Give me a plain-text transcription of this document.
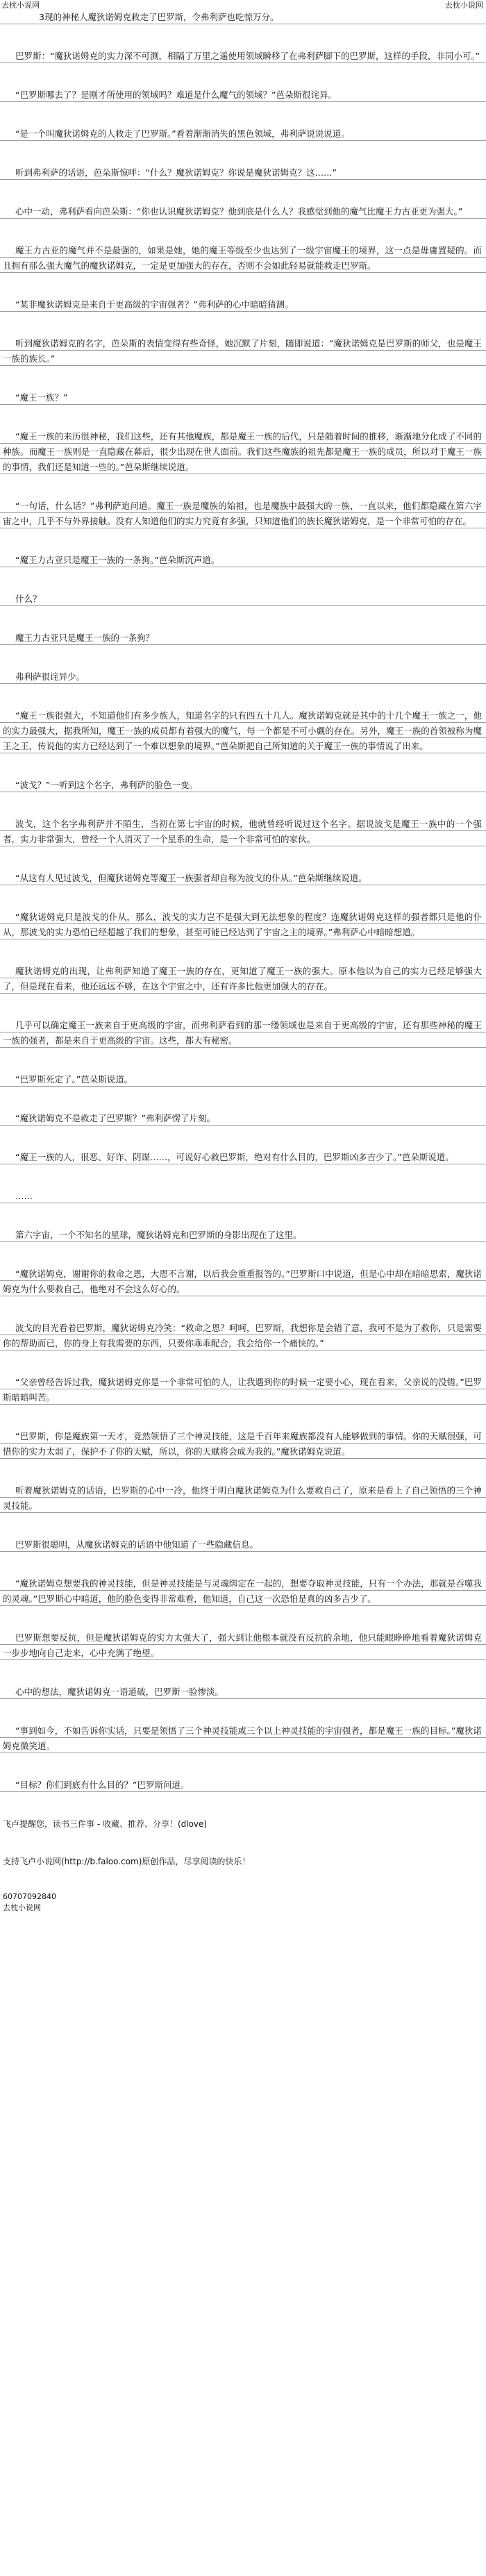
去枕小说网	去枕小说网
3现的神秘人魔狄诺姆克救走了巴罗斯，令弗利萨也吃惊万分。
巴罗斯：“魔狄诺姆克的实力深不可测，相隔了万里之遥使用领域瞬移了在弗利萨脚下的巴罗斯，这样的手段，非同小可。”
“巴罗斯哪去了？是刚才所使用的领域吗？难道是什么魔气的领域？”芭朵斯很诧异。
“是一个叫魔狄诺姆克的人救走了巴罗斯。”看着渐渐消失的黑色领域，弗利萨说说说道。
听到弗利萨的话语，芭朵斯惊呼：“什么？魔狄诺姆克？你说是魔狄诺姆克？这……”
心中一动，弗利萨看向芭朵斯：“你也认识魔狄诺姆克？他到底是什么人？我感觉到他的魔气比魔王力古亚更为强大。”
魔王力古亚的魔气并不是最强的，如果是她，她的魔王等级至少也达到了一级宇宙魔王的境界，这一点是毋庸置疑的。而且拥有那么强大魔气的魔狄诺姆克，一定是更加强大的存在，否则不会如此轻易就能救走巴罗斯。
“某非魔狄诺姆克是来自于更高级的宇宙强者？”弗利萨的心中暗暗猜测。
听到魔狄诺姆克的名字，芭朵斯的表情变得有些奇怪，她沉默了片刻，随即说道：“魔狄诺姆克是巴罗斯的师父，也是魔王一族的族长。”
“魔王一族？”
“魔王一族的来历很神秘，我们这些，还有其他魔族，都是魔王一族的后代，只是随着时间的推移，渐渐地分化成了不同的种族。而魔王一族则是一直隐藏在幕后，很少出现在世人面前。我们这些魔族的祖先都是魔王一族的成员，所以对于魔王一族的事情，我们还是知道一些的。”芭朵斯继续说道。
“一句话，什么话？”弗利萨追问道。魔王一族是魔族的始祖，也是魔族中最强大的一族，一直以来，他们都隐藏在第六宇宙之中，几乎不与外界接触。没有人知道他们的实力究竟有多强，只知道他们的族长魔狄诺姆克，是一个非常可怕的存在。
“魔王力古亚只是魔王一族的一条狗。”芭朵斯沉声道。
什么？
魔王力古亚只是魔王一族的一条狗？
弗利萨很诧异少。
“魔王一族很强大，不知道他们有多少族人，知道名字的只有四五十几人。魔狄诺姆克就是其中的十几个魔王一族之一，他的实力最强大，据我所知，魔王一族的成员都有着强大的魔气，每一个都是不可小觑的存在。另外，魔王一族的首领被称为魔王之王，传说他的实力已经达到了一个难以想象的境界。”芭朵斯把自己所知道的关于魔王一族的事情说了出来。
“波戈？”一听到这个名字，弗利萨的脸色一变。
波戈，这个名字弗利萨并不陌生，当初在第七宇宙的时候，他就曾经听说过这个名字。据说波戈是魔王一族中的一个强者，实力非常强大，曾经一个人消灭了一个星系的生命，是一个非常可怕的家伙。
“从这有人见过波戈，但魔狄诺姆克等魔王一族强者却自称为波戈的仆从。”芭朵斯继续说道。
“魔狄诺姆克只是波戈的仆从，那么，波戈的实力岂不是强大到无法想象的程度？连魔狄诺姆克这样的强者都只是他的仆从，那波戈的实力恐怕已经超越了我们的想象，甚至可能已经达到了宇宙之主的境界。”弗利萨心中暗暗想道。
魔狄诺姆克的出现，让弗利萨知道了魔王一族的存在，更知道了魔王一族的强大。原本他以为自己的实力已经足够强大了，但是现在看来，他还远远不够，在这个宇宙之中，还有许多比他更加强大的存在。
几乎可以确定魔王一族来自于更高级的宇宙，而弗利萨看到的那一缕领域也是来自于更高级的宇宙，还有那些神秘的魔王一族的强者，都是来自于更高级的宇宙。这些，都大有秘密。
“巴罗斯死定了。”芭朵斯说道。
“魔狄诺姆克不是救走了巴罗斯？”弗利萨愣了片刻。
“魔王一族的人，很恶、好诈、阴谋……，可说好心救巴罗斯，绝对有什么目的，巴罗斯凶多吉少了。”芭朵斯说道。
……
第六宇宙，一个不知名的星球，魔狄诺姆克和巴罗斯的身影出现在了这里。
“魔狄诺姆克，谢谢你的救命之恩，大恩不言谢，以后我会重重报答的。”巴罗斯口中说道，但是心中却在暗暗思索，魔狄诺姆克为什么要救自己，他绝对不会这么好心的。
波戈的目光看着巴罗斯，魔狄诺姆克冷笑：“救命之恩？呵呵，巴罗斯，我想你是会错了意，我可不是为了救你，只是需要你的帮助而已，你的身上有我需要的东西，只要你乖乖配合，我会给你一个痛快的。”
“父亲曾经告诉过我，魔狄诺姆克你是一个非常可怕的人，让我遇到你的时候一定要小心，现在看来，父亲说的没错。”巴罗斯暗暗叫苦。
“巴罗斯，你是魔族第一天才，竟然领悟了三个神灵技能，这是千百年来魔族都没有人能够做到的事情。你的天赋很强，可惜你的实力太弱了，保护不了你的天赋，所以，你的天赋将会成为我的。”魔狄诺姆克说道。
听着魔狄诺姆克的话语，巴罗斯的心中一冷，他终于明白魔狄诺姆克为什么要救自己了，原来是看上了自己领悟的三个神灵技能。
巴罗斯很聪明，从魔狄诺姆克的话语中他知道了一些隐藏信息。
“魔狄诺姆克想要我的神灵技能，但是神灵技能是与灵魂绑定在一起的，想要夺取神灵技能，只有一个办法，那就是吞噬我的灵魂。”巴罗斯心中暗道，他的脸色变得非常难看，他知道，自己这一次恐怕是真的凶多吉少了。
巴罗斯想要反抗，但是魔狄诺姆克的实力太强大了，强大到让他根本就没有反抗的余地，他只能眼睁睁地看着魔狄诺姆克一步步地向自己走来，心中充满了绝望。
心中的想法，魔狄诺姆克一语道破，巴罗斯一脸惨淡。
“事到如今，不如告诉你实话，只要是领悟了三个神灵技能或三个以上神灵技能的宇宙强者，都是魔王一族的目标。”魔狄诺姆克微笑道。
“目标？你们到底有什么目的？”巴罗斯问道。
飞卢提醒您，读书三件事 - 收藏、推荐、分享！(dlove)
支持飞卢小说网(http://b.faloo.com)原创作品，尽享阅读的快乐！
60707092840
去枕小说网
